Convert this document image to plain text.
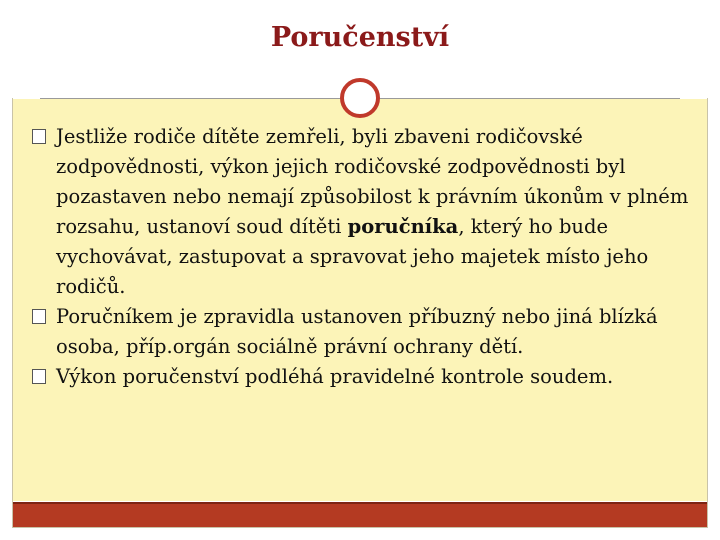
Poručenství
Jestliže rodiče dítěte zemřeli, byli zbaveni rodičovské zodpovědnosti, výkon jejich rodičovské zodpovědnosti byl pozastaven nebo nemají způsobilost k právním úkonům v plném rozsahu, ustanoví soud dítěti poručníka, který ho bude vychovávat, zastupovat a spravovat jeho majetek místo jeho rodičů.
Poručníkem je zpravidla ustanoven příbuzný nebo jiná blízká osoba, příp.orgán sociálně právní ochrany dětí.
Výkon poručenství podléhá pravidelné kontrole soudem.
